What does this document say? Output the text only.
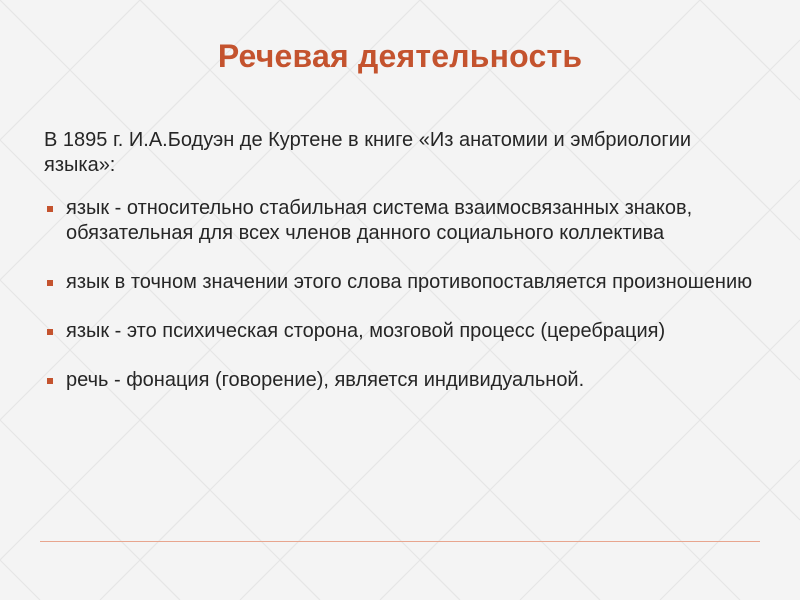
Речевая деятельность
В 1895 г. И.А.Бодуэн де Куртене в книге «Из анатомии и эмбриологии языка»:
язык - относительно стабильная система взаимосвязанных знаков, обязательная для всех членов данного социального коллектива
язык в точном значении этого слова противопоставляется произношению
язык - это психическая сторона, мозговой процесс (церебрация)
речь - фонация (говорение), является индивидуальной.
